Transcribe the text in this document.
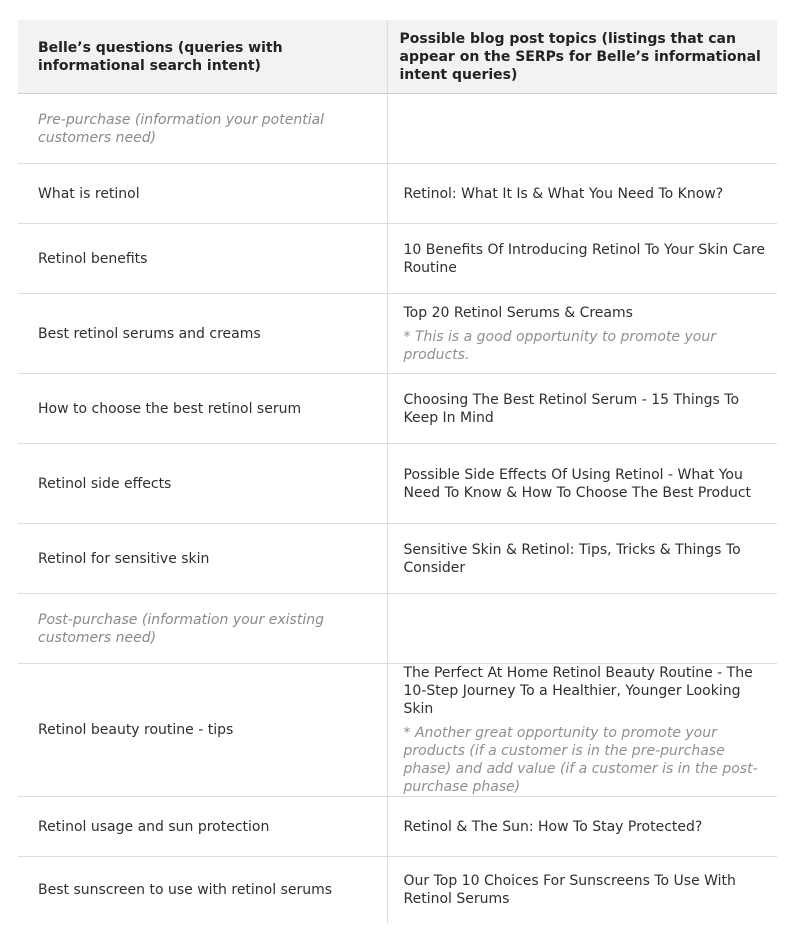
Belle’s questions (queries with informational search intent)	Possible blog post topics (listings that can appear on the SERPs for Belle’s informational intent queries)
Pre-purchase (information your potential customers need)	
What is retinol	Retinol: What It Is & What You Need To Know?

Retinol benefits	10 Benefits Of Introducing Retinol To Your Skin Care Routine

Best retinol serums and creams	Top 20 Retinol Serums & Creams
* This is a good opportunity to promote your products.

How to choose the best retinol serum	Choosing The Best Retinol Serum - 15 Things To Keep In Mind

Retinol side effects	Possible Side Effects Of Using Retinol - What You Need To Know & How To Choose The Best Product

Retinol for sensitive skin	Sensitive Skin & Retinol: Tips, Tricks & Things To Consider

Post-purchase (information your existing customers need)	
Retinol beauty routine - tips	The Perfect At Home Retinol Beauty Routine - The 10-Step Journey To a Healthier, Younger Looking Skin
* Another great opportunity to promote your products (if a customer is in the pre-purchase phase) and add value (if a customer is in the post-purchase phase)

Retinol usage and sun protection	Retinol & The Sun: How To Stay Protected?

Best sunscreen to use with retinol serums	Our Top 10 Choices For Sunscreens To Use With Retinol Serums
